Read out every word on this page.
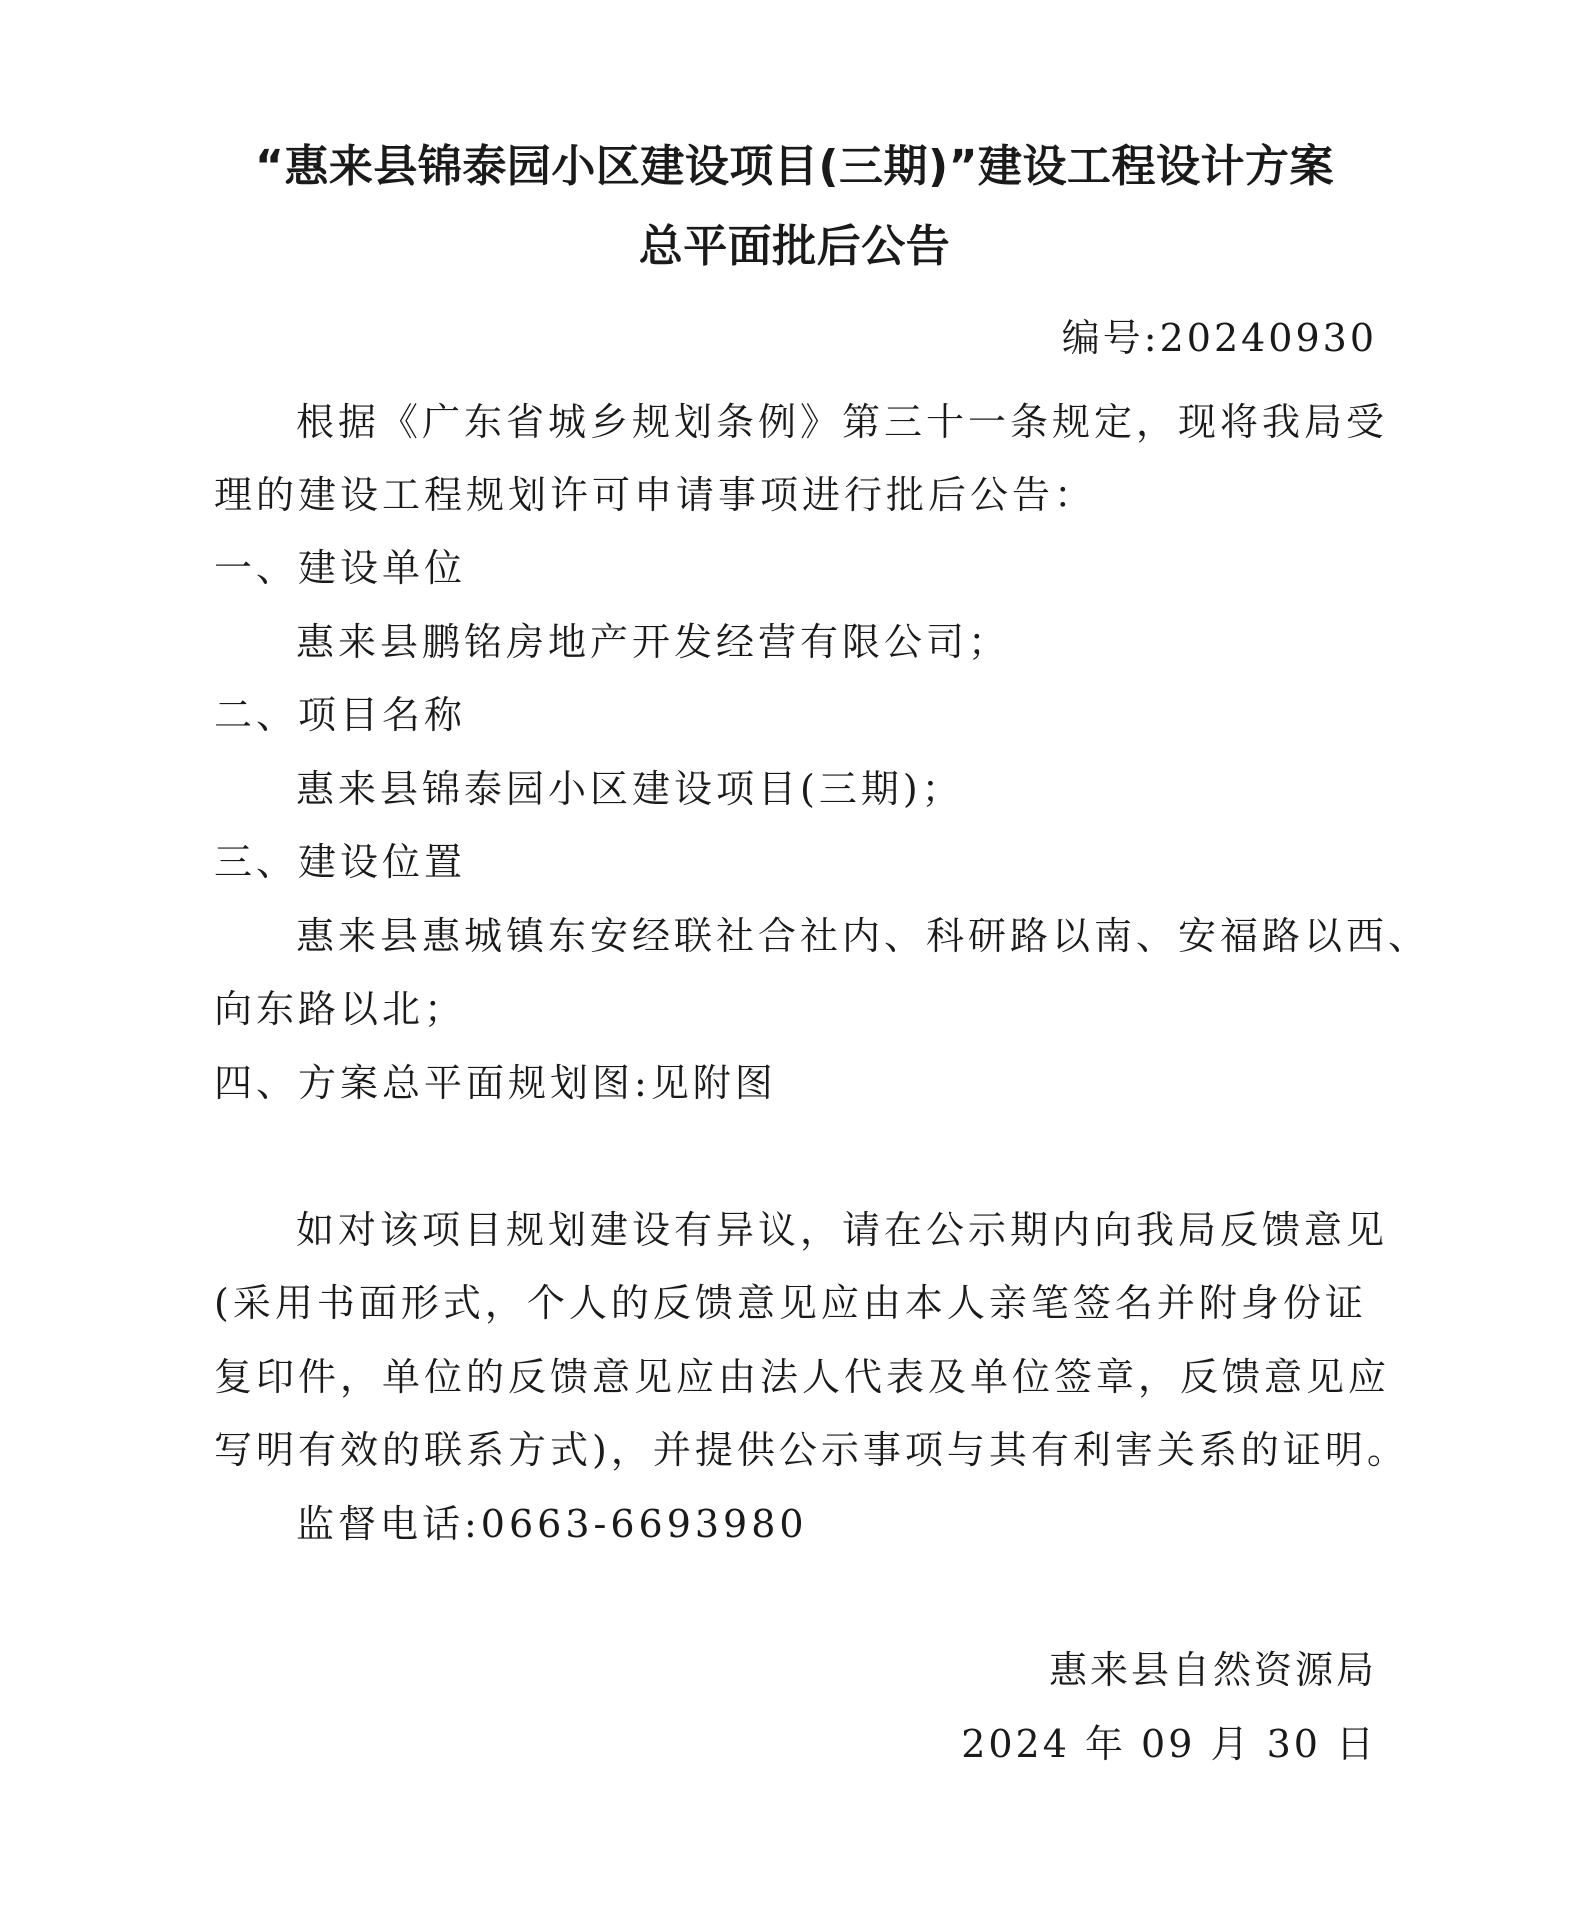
“惠来县锦泰园小区建设项目(三期)”建设工程设计方案
总平面批后公告
编号:20240930
根据《广东省城乡规划条例》第三十一条规定，现将我局受
理的建设工程规划许可申请事项进行批后公告：
一、建设单位
惠来县鹏铭房地产开发经营有限公司；
二、项目名称
惠来县锦泰园小区建设项目(三期)；
三、建设位置
惠来县惠城镇东安经联社合社内、科研路以南、安福路以西、
向东路以北；
四、方案总平面规划图:见附图
如对该项目规划建设有异议，请在公示期内向我局反馈意见
(采用书面形式，个人的反馈意见应由本人亲笔签名并附身份证
复印件，单位的反馈意见应由法人代表及单位签章，反馈意见应
写明有效的联系方式)，并提供公示事项与其有利害关系的证明。
监督电话:0663-6693980
惠来县自然资源局
2024 年 09 月 30 日
